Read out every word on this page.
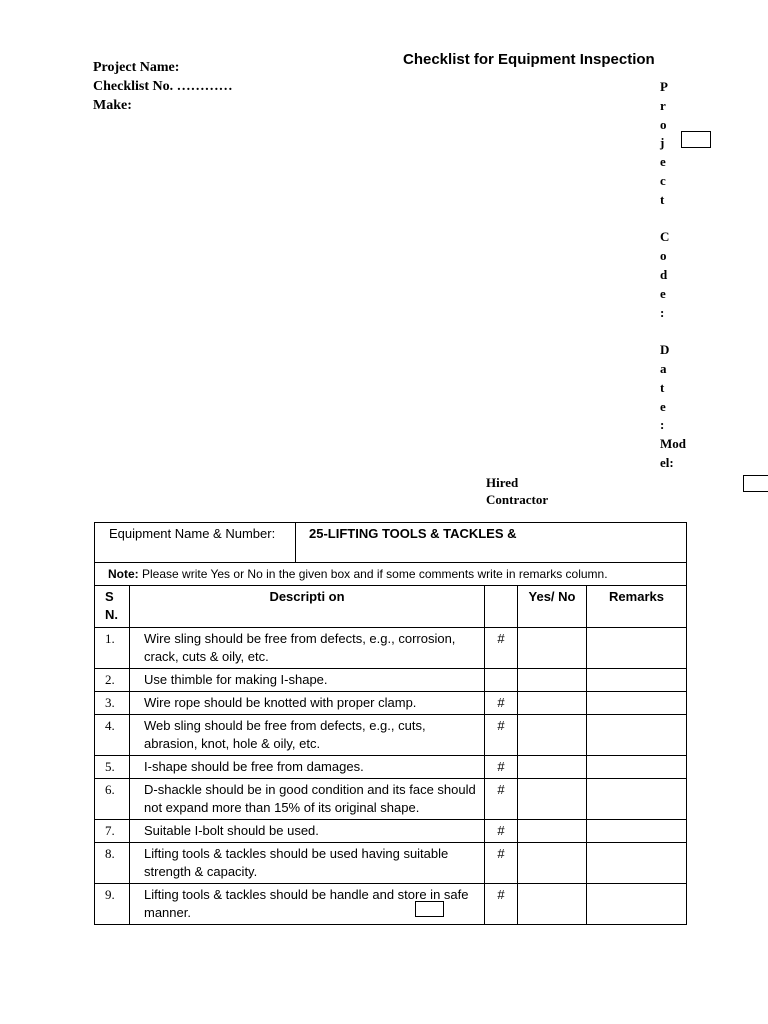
Checklist for Equipment Inspection
Project Name:
Checklist No. …………
Make:
P
r
o
j
e
c
t

C
o
d
e
:

D
a
t
e
:
Mod
el:
Hired
Contractor
Equipment Name & Number:		25-LIFTING TOOLS & TACKLES &			
Note: Please write Yes or No in the given box and if some comments write in remarks column.					
S N.	Descripti on			Yes/ No	Remarks
1.	Wire sling should be free from defects, e.g., corrosion, crack, cuts & oily, etc.		#		
2.	Use thimble for making I-shape.				
3.	Wire rope should be knotted with proper clamp.		#		
4.	Web sling should be free from defects, e.g., cuts, abrasion, knot, hole & oily, etc.		#		
5.	I-shape should be free from damages.		#		
6.	D-shackle should be in good condition and its face should not expand more than 15% of its original shape.		#		
7.	Suitable I-bolt should be used.		#		
8.	Lifting tools & tackles should be used having suitable strength & capacity.		#		
9.	Lifting tools & tackles should be handle and store in safe manner.		#		
